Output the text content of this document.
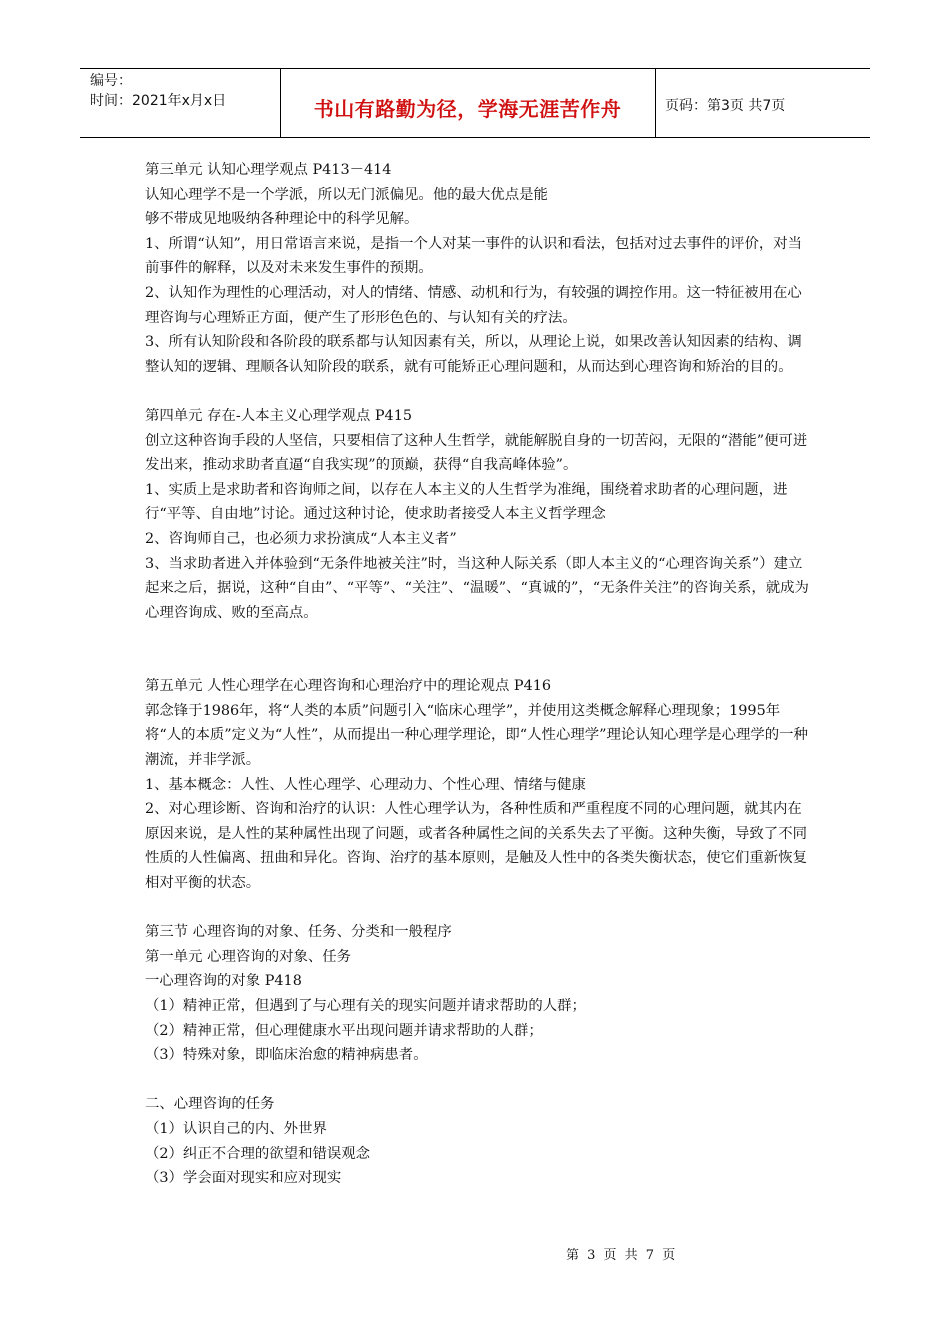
编号：
时间：2021年x月x日	书山有路勤为径，学海无涯苦作舟	页码：第3页 共7页

第三单元 认知心理学观点 P413－414

认知心理学不是一个学派，所以无门派偏见。他的最大优点是能

够不带成见地吸纳各种理论中的科学见解。

1、所谓“认知”，用日常语言来说，是指一个人对某一事件的认识和看法，包括对过去事件的评价，对当前事件的解释，以及对未来发生事件的预期。

2、认知作为理性的心理活动，对人的情绪、情感、动机和行为，有较强的调控作用。这一特征被用在心理咨询与心理矫正方面，便产生了形形色色的、与认知有关的疗法。

3、所有认知阶段和各阶段的联系都与认知因素有关，所以，从理论上说，如果改善认知因素的结构、调整认知的逻辑、理顺各认知阶段的联系，就有可能矫正心理问题和，从而达到心理咨询和矫治的目的。

第四单元 存在-人本主义心理学观点 P415

创立这种咨询手段的人坚信，只要相信了这种人生哲学，就能解脱自身的一切苦闷，无限的“潜能”便可迸发出来，推动求助者直逼“自我实现”的顶巅，获得“自我高峰体验”。

1、实质上是求助者和咨询师之间，以存在人本主义的人生哲学为准绳，围绕着求助者的心理问题，进行“平等、自由地”讨论。通过这种讨论，使求助者接受人本主义哲学理念

2、咨询师自己，也必须力求扮演成“人本主义者”

3、当求助者进入并体验到“无条件地被关注”时，当这种人际关系（即人本主义的“心理咨询关系”）建立起来之后，据说，这种“自由”、“平等”、“关注”、“温暖”、“真诚的”，“无条件关注”的咨询关系，就成为心理咨询成、败的至高点。

第五单元 人性心理学在心理咨询和心理治疗中的理论观点 P416

郭念锋于1986年，将“人类的本质”问题引入“临床心理学”，并使用这类概念解释心理现象；1995年将“人的本质”定义为“人性”，从而提出一种心理学理论，即“人性心理学”理论认知心理学是心理学的一种潮流，并非学派。

1、基本概念：人性、人性心理学、心理动力、个性心理、情绪与健康

2、对心理诊断、咨询和治疗的认识：人性心理学认为，各种性质和严重程度不同的心理问题，就其内在原因来说，是人性的某种属性出现了问题，或者各种属性之间的关系失去了平衡。这种失衡，导致了不同性质的人性偏离、扭曲和异化。咨询、治疗的基本原则，是触及人性中的各类失衡状态，使它们重新恢复相对平衡的状态。

第三节 心理咨询的对象、任务、分类和一般程序

第一单元 心理咨询的对象、任务

一心理咨询的对象 P418

（1）精神正常，但遇到了与心理有关的现实问题并请求帮助的人群；

（2）精神正常，但心理健康水平出现问题并请求帮助的人群；

（3）特殊对象，即临床治愈的精神病患者。

二、心理咨询的任务

（1）认识自己的内、外世界

（2）纠正不合理的欲望和错误观念

（3）学会面对现实和应对现实

第 3 页 共 7 页
